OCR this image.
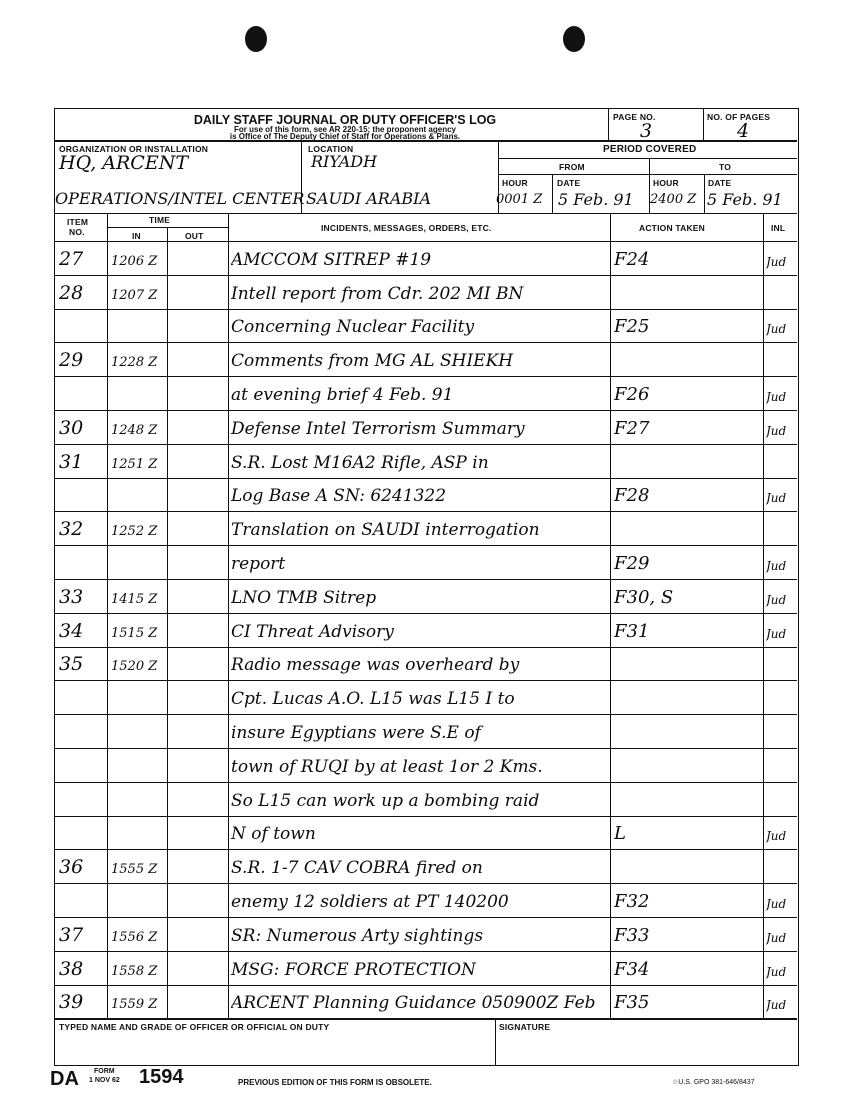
DAILY STAFF JOURNAL OR DUTY OFFICER'S LOG
For use of this form, see AR 220-15; the proponent agency
is Office of The Deputy Chief of Staff for Operations & Plans.
PAGE NO.
3
NO. OF PAGES
4
ORGANIZATION OR INSTALLATION
HQ, ARCENT
OPERATIONS/INTEL CENTER
LOCATION
RIYADH
SAUDI ARABIA
PERIOD COVERED
FROM	TO
HOUR	DATE	HOUR	DATE
0001 Z 5 Feb. 91 2400 Z 5 Feb. 91
ITEM
NO.
TIME
IN	OUT
INCIDENTS, MESSAGES, ORDERS, ETC.	ACTION TAKEN	INL
27 1206 Z	AMCCOM SITREP #19	F24	Jud
28 1207 Z	Intell report from Cdr. 202 MI BN
Concerning Nuclear Facility	F25	Jud
29 1228 Z	Comments from MG AL SHIEKH
at evening brief 4 Feb. 91	F26	Jud
30 1248 Z	Defense Intel Terrorism Summary	F27	Jud
31 1251 Z	S.R. Lost M16A2 Rifle, ASP in
Log Base A SN: 6241322	F28	Jud
32 1252 Z	Translation on SAUDI interrogation
report	F29	Jud
33 1415 Z	LNO TMB Sitrep	F30, S	Jud
34 1515 Z	CI Threat Advisory	F31	Jud
35 1520 Z	Radio message was overheard by
Cpt. Lucas A.O. L15 was L15 I to
insure Egyptians were S.E of
town of RUQI by at least 1or 2 Kms.
So L15 can work up a bombing raid
N of town	L	Jud
36 1555 Z	S.R. 1-7 CAV COBRA fired on
enemy 12 soldiers at PT 140200	F32	Jud
37 1556 Z	SR: Numerous Arty sightings	F33	Jud
38 1558 Z	MSG: FORCE PROTECTION	F34	Jud
39 1559 Z	ARCENT Planning Guidance 050900Z Feb	F35	Jud
TYPED NAME AND GRADE OF OFFICER OR OFFICIAL ON DUTY	SIGNATURE
DA FORM
1 NOV 62 1594	PREVIOUS EDITION OF THIS FORM IS OBSOLETE.	☆U.S. GPO 381-646/8437
